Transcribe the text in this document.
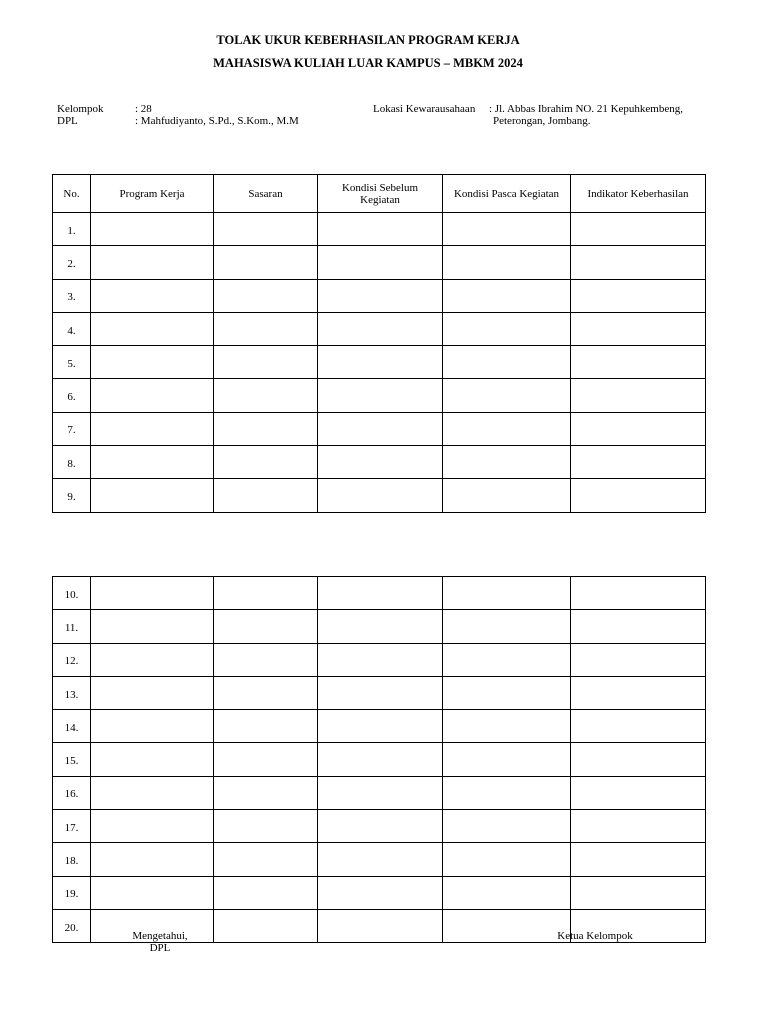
TOLAK UKUR KEBERHASILAN PROGRAM KERJA
MAHASISWA KULIAH LUAR KAMPUS – MBKM 2024
Kelompok	: 28
DPL	: Mahfudiyanto, S.Pd., S.Kom., M.M
Lokasi Kewarausahaan : Jl. Abbas Ibrahim NO. 21 Kepuhkembeng,
Peterongan, Jombang.
No.	Program Kerja	Sasaran	Kondisi Sebelum Kegiatan	Kondisi Pasca Kegiatan	Indikator Keberhasilan
1.					
2.					
3.					
4.					
5.					
6.					
7.					
8.					
9.					
10.					
11.					
12.					
13.					
14.					
15.					
16.					
17.					
18.					
19.					
20.					
Mengetahui,
DPL
Ketua Kelompok
